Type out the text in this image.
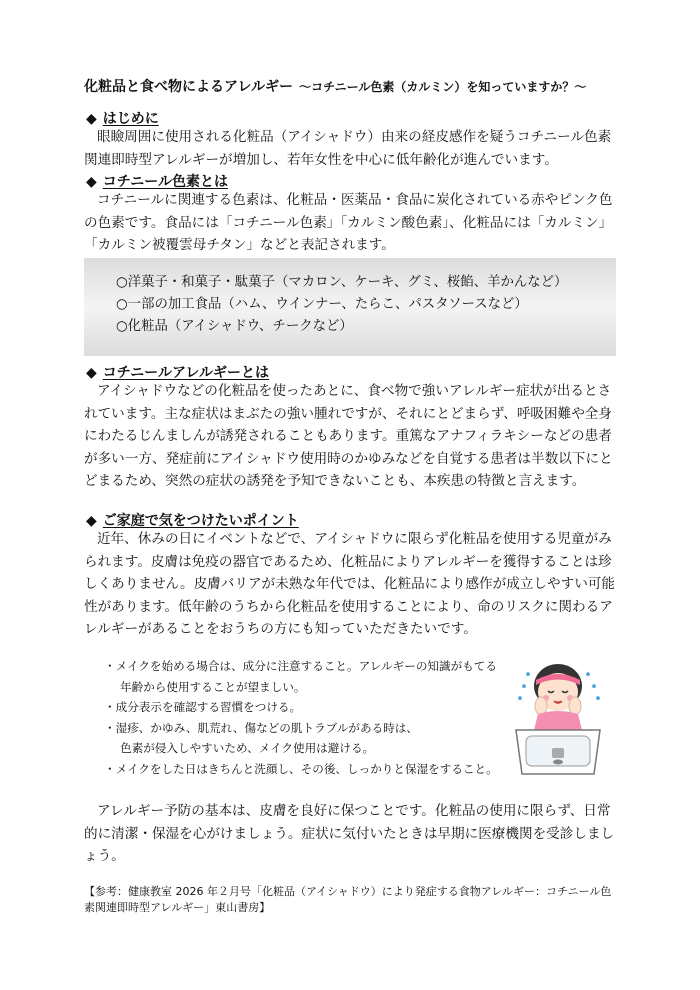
化粧品と食べ物によるアレルギー ～コチニール色素（カルミン）を知っていますか？～
◆ はじめに
眼瞼周囲に使用される化粧品（アイシャドウ）由来の経皮感作を疑うコチニール色素関連即時型アレルギーが増加し、若年女性を中心に低年齢化が進んでいます。
◆ コチニール色素とは
コチニールに関連する色素は、化粧品・医薬品・食品に炭化されている赤やピンク色の色素です。食品には「コチニール色素」「カルミン酸色素」、化粧品には「カルミン」「カルミン被覆雲母チタン」などと表記されます。
○洋菓子・和菓子・駄菓子（マカロン、ケーキ、グミ、桜餡、羊かんなど）
○一部の加工食品（ハム、ウインナー、たらこ、パスタソースなど）
○化粧品（アイシャドウ、チークなど）
◆ コチニールアレルギーとは
アイシャドウなどの化粧品を使ったあとに、食べ物で強いアレルギー症状が出るとされています。主な症状はまぶたの強い腫れですが、それにとどまらず、呼吸困難や全身にわたるじんましんが誘発されることもあります。重篤なアナフィラキシーなどの患者が多い一方、発症前にアイシャドウ使用時のかゆみなどを自覚する患者は半数以下にとどまるため、突然の症状の誘発を予知できないことも、本疾患の特徴と言えます。
◆ ご家庭で気をつけたいポイント
近年、休みの日にイベントなどで、アイシャドウに限らず化粧品を使用する児童がみられます。皮膚は免疫の器官であるため、化粧品によりアレルギーを獲得することは珍しくありません。皮膚バリアが未熟な年代では、化粧品により感作が成立しやすい可能性があります。低年齢のうちから化粧品を使用することにより、命のリスクに関わるアレルギーがあることをおうちの方にも知っていただきたいです。
・メイクを始める場合は、成分に注意すること。アレルギーの知識がもてる
年齢から使用することが望ましい。
・成分表示を確認する習慣をつける。
・湿疹、かゆみ、肌荒れ、傷などの肌トラブルがある時は、
色素が侵入しやすいため、メイク使用は避ける。
・メイクをした日はきちんと洗顔し、その後、しっかりと保湿をすること。
アレルギー予防の基本は、皮膚を良好に保つことです。化粧品の使用に限らず、日常的に清潔・保湿を心がけましょう。症状に気付いたときは早期に医療機関を受診しましょう。
【参考：健康教室 2026 年２月号「化粧品（アイシャドウ）により発症する食物アレルギー：コチニール色素関連即時型アレルギー」東山書房】
